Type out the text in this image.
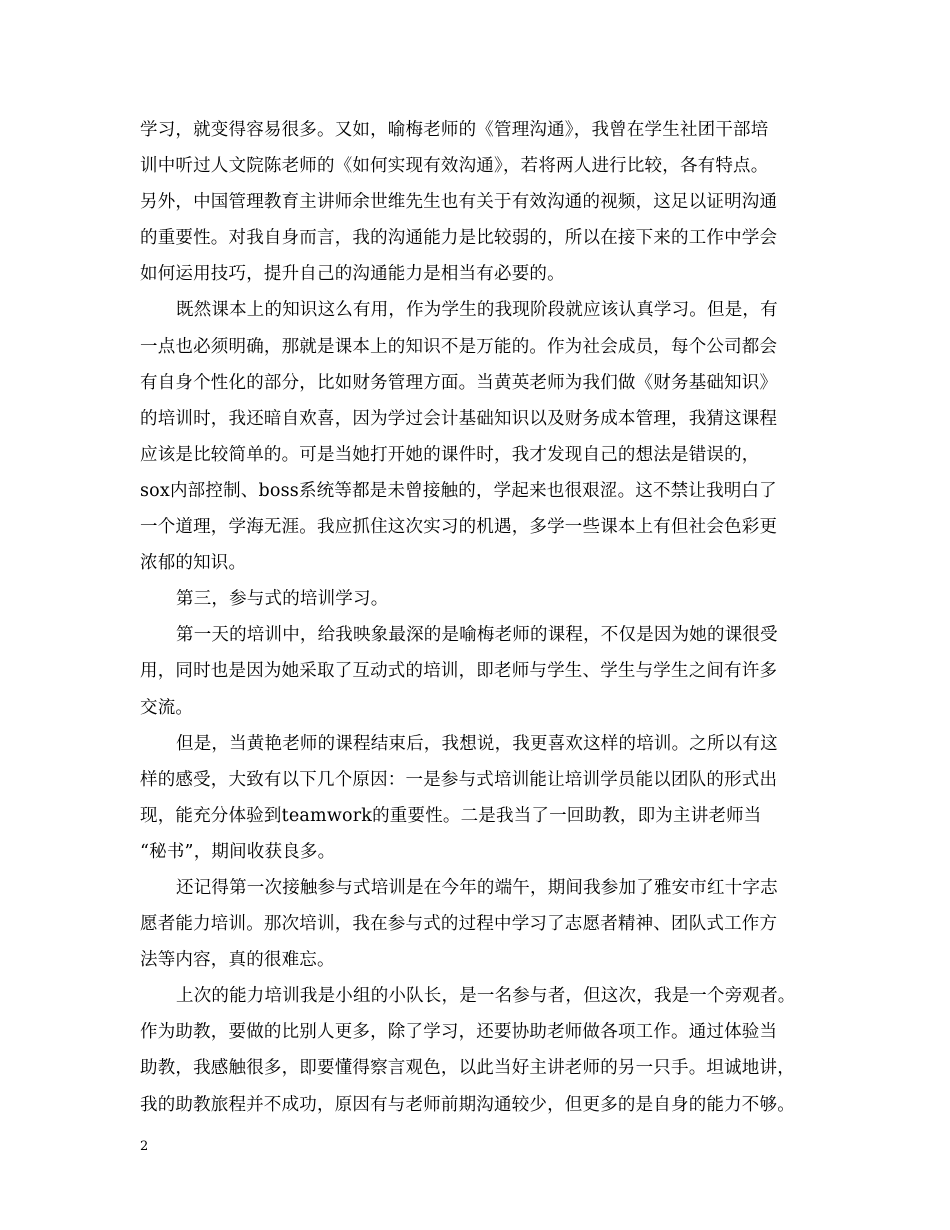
学习，就变得容易很多。又如，喻梅老师的《管理沟通》，我曾在学生社团干部培
训中听过人文院陈老师的《如何实现有效沟通》，若将两人进行比较，各有特点。
另外，中国管理教育主讲师余世维先生也有关于有效沟通的视频，这足以证明沟通
的重要性。对我自身而言，我的沟通能力是比较弱的，所以在接下来的工作中学会
如何运用技巧，提升自己的沟通能力是相当有必要的。
既然课本上的知识这么有用，作为学生的我现阶段就应该认真学习。但是，有
一点也必须明确，那就是课本上的知识不是万能的。作为社会成员，每个公司都会
有自身个性化的部分，比如财务管理方面。当黄英老师为我们做《财务基础知识》
的培训时，我还暗自欢喜，因为学过会计基础知识以及财务成本管理，我猜这课程
应该是比较简单的。可是当她打开她的课件时，我才发现自己的想法是错误的，
sox内部控制、boss系统等都是未曾接触的，学起来也很艰涩。这不禁让我明白了
一个道理，学海无涯。我应抓住这次实习的机遇，多学一些课本上有但社会色彩更
浓郁的知识。
第三，参与式的培训学习。
第一天的培训中，给我映象最深的是喻梅老师的课程，不仅是因为她的课很受
用，同时也是因为她采取了互动式的培训，即老师与学生、学生与学生之间有许多
交流。
但是，当黄艳老师的课程结束后，我想说，我更喜欢这样的培训。之所以有这
样的感受，大致有以下几个原因：一是参与式培训能让培训学员能以团队的形式出
现，能充分体验到teamwork的重要性。二是我当了一回助教，即为主讲老师当
“秘书”，期间收获良多。
还记得第一次接触参与式培训是在今年的端午，期间我参加了雅安市红十字志
愿者能力培训。那次培训，我在参与式的过程中学习了志愿者精神、团队式工作方
法等内容，真的很难忘。
上次的能力培训我是小组的小队长，是一名参与者，但这次，我是一个旁观者。
作为助教，要做的比别人更多，除了学习，还要协助老师做各项工作。通过体验当
助教，我感触很多，即要懂得察言观色，以此当好主讲老师的另一只手。坦诚地讲，
我的助教旅程并不成功，原因有与老师前期沟通较少，但更多的是自身的能力不够。
2
